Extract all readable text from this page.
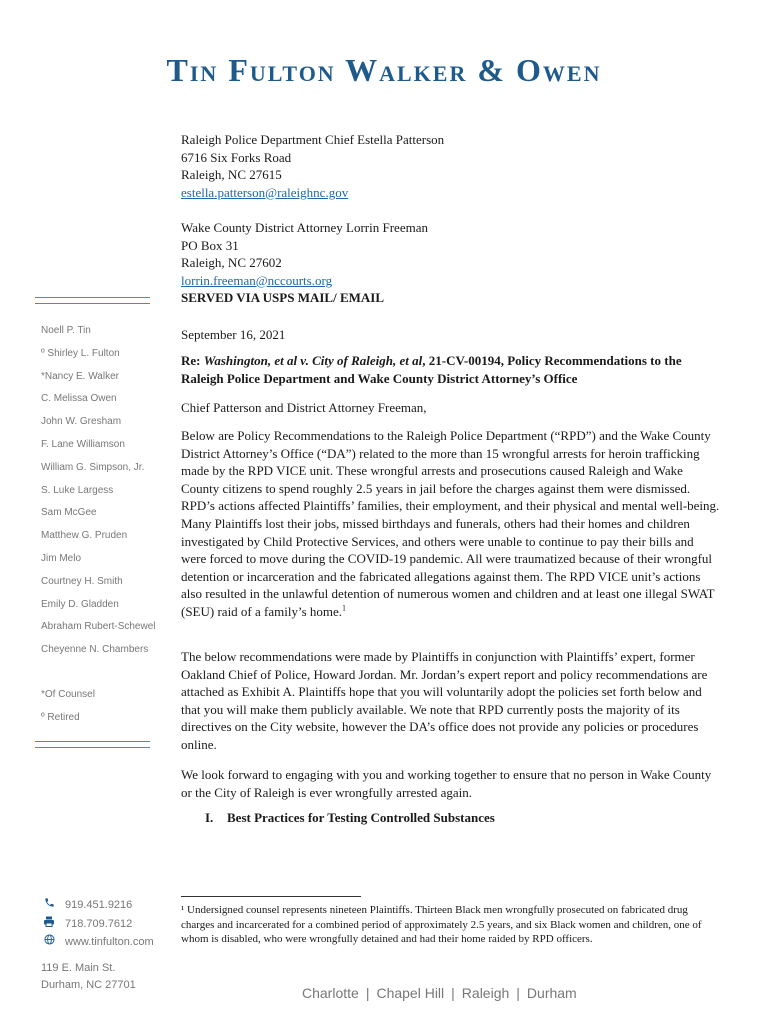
Tin Fulton Walker & Owen
Raleigh Police Department Chief Estella Patterson
6716 Six Forks Road
Raleigh, NC 27615
estella.patterson@raleighnc.gov
Wake County District Attorney Lorrin Freeman
PO Box 31
Raleigh, NC 27602
lorrin.freeman@nccourts.org
SERVED VIA USPS MAIL/ EMAIL
Noell P. Tin
º Shirley L. Fulton
*Nancy E. Walker
C. Melissa Owen
John W. Gresham
F. Lane Williamson
William G. Simpson, Jr.
S. Luke Largess
Sam McGee
Matthew G. Pruden
Jim Melo
Courtney H. Smith
Emily D. Gladden
Abraham Rubert-Schewel
Cheyenne N. Chambers
*Of Counsel
º Retired
September 16, 2021
Re: Washington, et al v. City of Raleigh, et al, 21-CV-00194, Policy Recommendations to the Raleigh Police Department and Wake County District Attorney’s Office
Chief Patterson and District Attorney Freeman,

Below are Policy Recommendations to the Raleigh Police Department (“RPD”) and the Wake County District Attorney’s Office (“DA”) related to the more than 15 wrongful arrests for heroin trafficking made by the RPD VICE unit. These wrongful arrests and prosecutions caused Raleigh and Wake County citizens to spend roughly 2.5 years in jail before the charges against them were dismissed. RPD’s actions affected Plaintiffs’ families, their employment, and their physical and mental well-being. Many Plaintiffs lost their jobs, missed birthdays and funerals, others had their homes and children investigated by Child Protective Services, and others were unable to continue to pay their bills and were forced to move during the COVID-19 pandemic. All were traumatized because of their wrongful detention or incarceration and the fabricated allegations against them. The RPD VICE unit’s actions also resulted in the unlawful detention of numerous women and children and at least one illegal SWAT (SEU) raid of a family’s home.$^1$

The below recommendations were made by Plaintiffs in conjunction with Plaintiffs’ expert, former Oakland Chief of Police, Howard Jordan. Mr. Jordan’s expert report and policy recommendations are attached as Exhibit A. Plaintiffs hope that you will voluntarily adopt the policies set forth below and that you will make them publicly available. We note that RPD currently posts the majority of its directives on the City website, however the DA’s office does not provide any policies or procedures online.

We look forward to engaging with you and working together to ensure that no person in Wake County or the City of Raleigh is ever wrongfully arrested again.

I. Best Practices for Testing Controlled Substances
¹ Undersigned counsel represents nineteen Plaintiffs. Thirteen Black men wrongfully prosecuted on fabricated drug charges and incarcerated for a combined period of approximately 2.5 years, and six Black women and children, one of whom is disabled, who were wrongfully detained and had their home raided by RPD officers.
919.451.9216
718.709.7612
www.tinfulton.com
119 E. Main St.
Durham, NC 27701
Charlotte | Chapel Hill | Raleigh | Durham
